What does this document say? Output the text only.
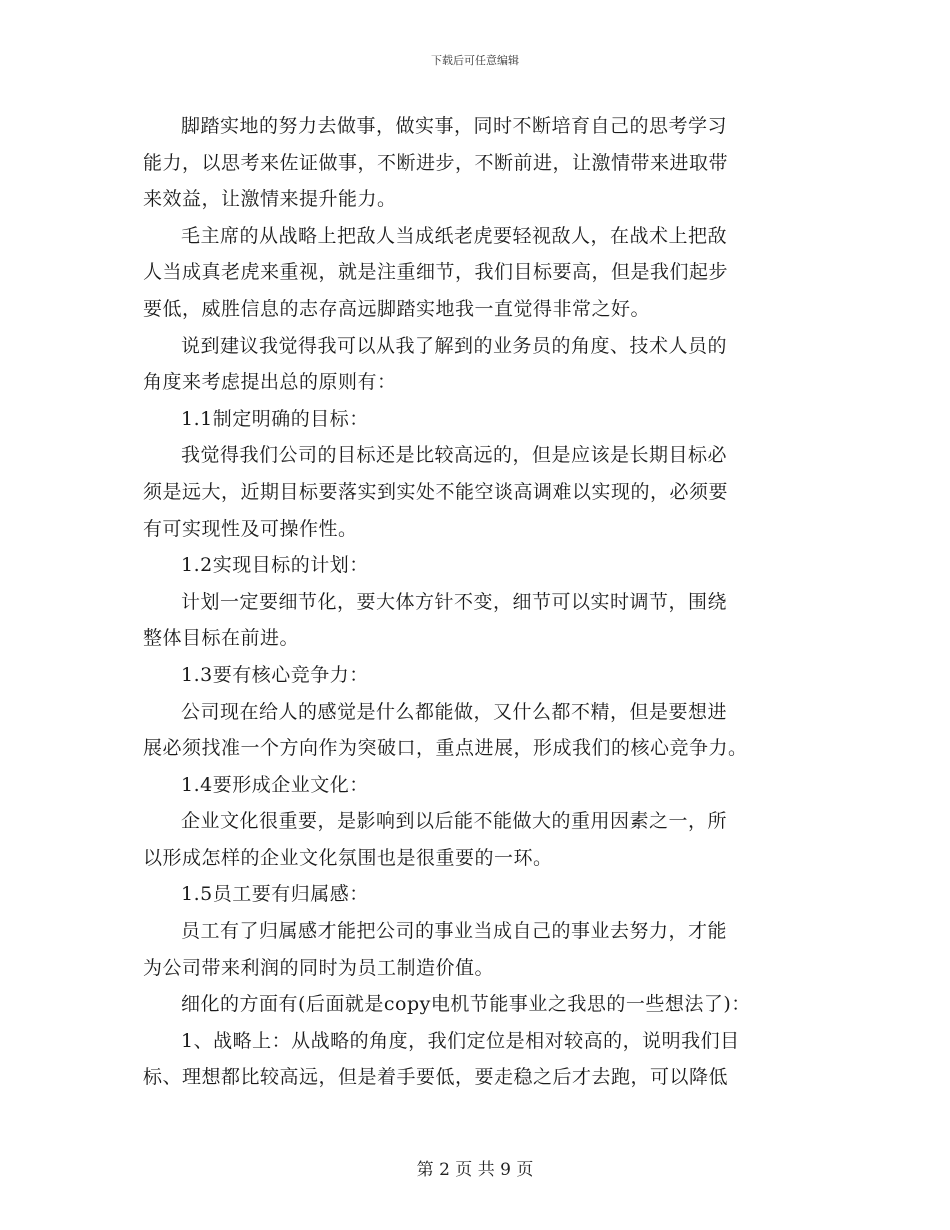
下载后可任意编辑
脚踏实地的努力去做事，做实事，同时不断培育自己的思考学习
能力，以思考来佐证做事，不断进步，不断前进，让激情带来进取带
来效益，让激情来提升能力。
毛主席的从战略上把敌人当成纸老虎要轻视敌人，在战术上把敌
人当成真老虎来重视，就是注重细节，我们目标要高，但是我们起步
要低，威胜信息的志存高远脚踏实地我一直觉得非常之好。
说到建议我觉得我可以从我了解到的业务员的角度、技术人员的
角度来考虑提出总的原则有：
1.1制定明确的目标：
我觉得我们公司的目标还是比较高远的，但是应该是长期目标必
须是远大，近期目标要落实到实处不能空谈高调难以实现的，必须要
有可实现性及可操作性。
1.2实现目标的计划：
计划一定要细节化，要大体方针不变，细节可以实时调节，围绕
整体目标在前进。
1.3要有核心竞争力：
公司现在给人的感觉是什么都能做，又什么都不精，但是要想进
展必须找准一个方向作为突破口，重点进展，形成我们的核心竞争力。
1.4要形成企业文化：
企业文化很重要，是影响到以后能不能做大的重用因素之一，所
以形成怎样的企业文化氛围也是很重要的一环。
1.5员工要有归属感：
员工有了归属感才能把公司的事业当成自己的事业去努力，才能
为公司带来利润的同时为员工制造价值。
细化的方面有(后面就是copy电机节能事业之我思的一些想法了)：
1、战略上：从战略的角度，我们定位是相对较高的，说明我们目
标、理想都比较高远，但是着手要低，要走稳之后才去跑，可以降低
第 2 页 共 9 页
